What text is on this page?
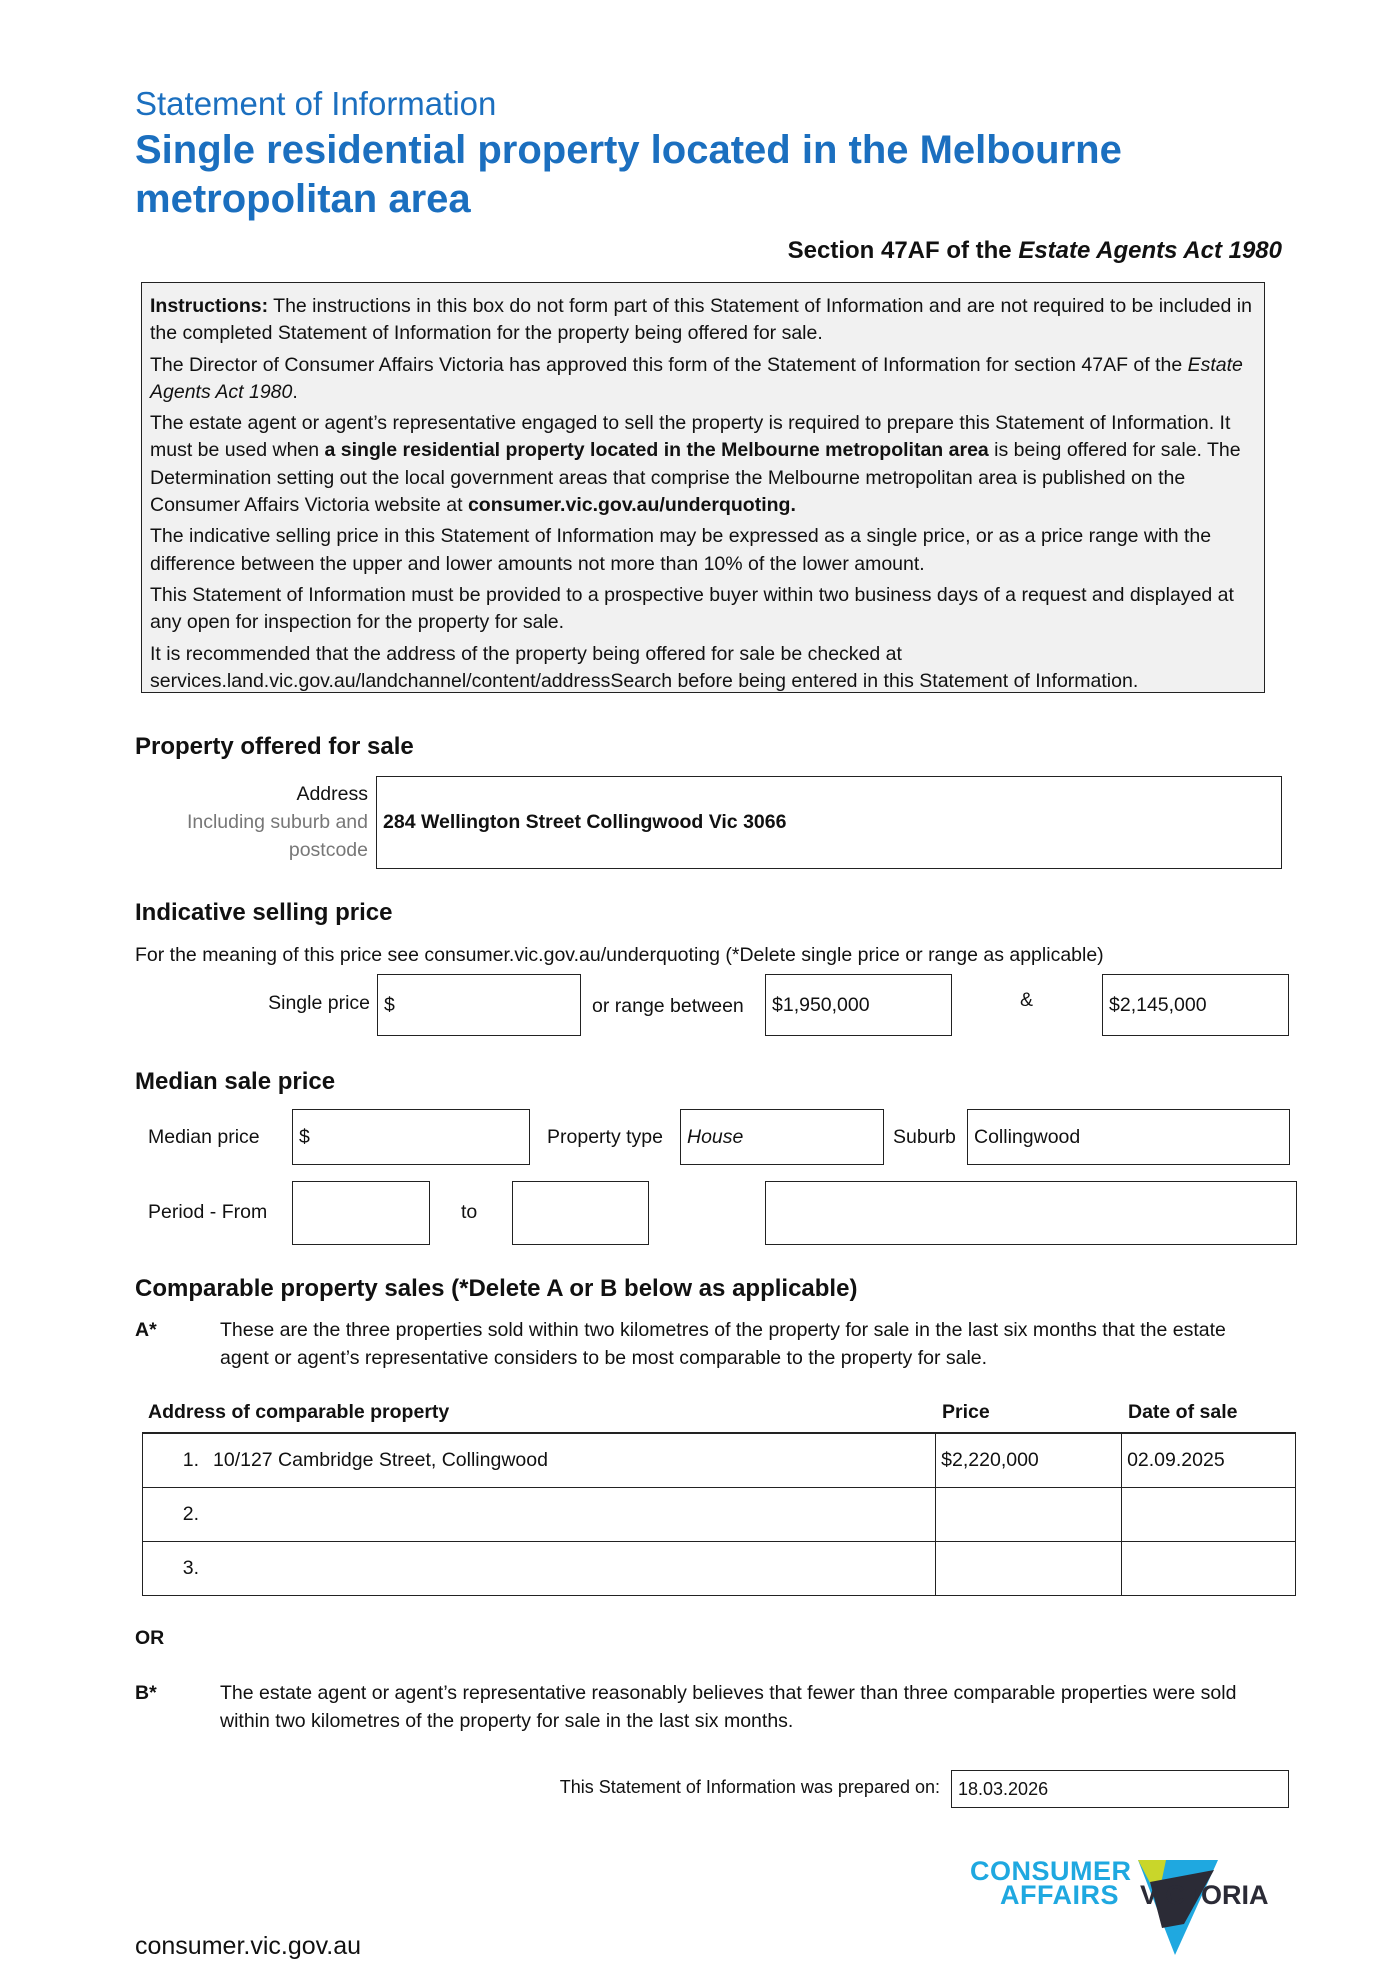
Statement of Information
Single residential property located in the Melbourne metropolitan area
Section 47AF of the Estate Agents Act 1980

Instructions: The instructions in this box do not form part of this Statement of Information and are not required to be included in the completed Statement of Information for the property being offered for sale.

The Director of Consumer Affairs Victoria has approved this form of the Statement of Information for section 47AF of the Estate Agents Act 1980.

The estate agent or agent’s representative engaged to sell the property is required to prepare this Statement of Information. It must be used when a single residential property located in the Melbourne metropolitan area is being offered for sale. The Determination setting out the local government areas that comprise the Melbourne metropolitan area is published on the Consumer Affairs Victoria website at consumer.vic.gov.au/underquoting.

The indicative selling price in this Statement of Information may be expressed as a single price, or as a price range with the difference between the upper and lower amounts not more than 10% of the lower amount.

This Statement of Information must be provided to a prospective buyer within two business days of a request and displayed at any open for inspection for the property for sale.

It is recommended that the address of the property being offered for sale be checked at services.land.vic.gov.au/landchannel/content/addressSearch before being entered in this Statement of Information.

Property offered for sale
Address
Including suburb and
postcode
284 Wellington Street Collingwood Vic 3066
Indicative selling price
For the meaning of this price see consumer.vic.gov.au/underquoting (*Delete single price or range as applicable)
Single price $	or range between $1,950,000	&	$2,145,000
Median sale price
Median price $	Property type House	Suburb Collingwood
Period - From	to
Comparable property sales (*Delete A or B below as applicable)
A*	These are the three properties sold within two kilometres of the property for sale in the last six months that the estate agent or agent’s representative considers to be most comparable to the property for sale.
Address of comparable property	Price	Date of sale
1. 10/127 Cambridge Street, Collingwood	$2,220,000	02.09.2025
2.		
3.		
OR
B*	The estate agent or agent’s representative reasonably believes that fewer than three comparable properties were sold within two kilometres of the property for sale in the last six months.
This Statement of Information was prepared on: 18.03.2026
consumer.vic.gov.au
CONSUMER
AFFAIRS VICTORIA
